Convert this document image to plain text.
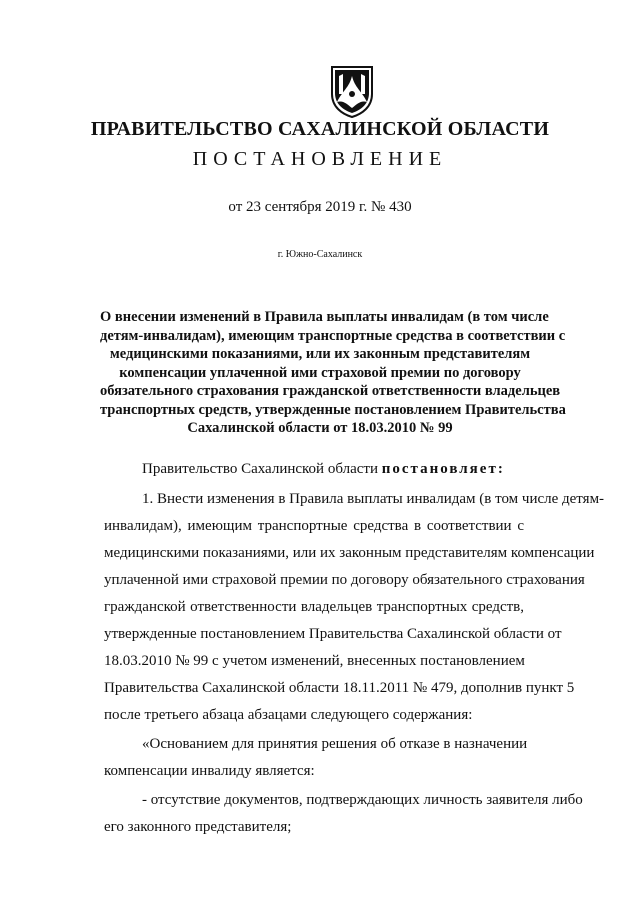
ПРАВИТЕЛЬСТВО САХАЛИНСКОЙ ОБЛАСТИ
ПОСТАНОВЛЕНИЕ
от 23 сентября 2019 г. № 430
г. Южно-Сахалинск
О внесении изменений в Правила выплаты инвалидам (в том числе
детям-инвалидам), имеющим транспортные средства в соответствии с
медицинскими показаниями, или их законным представителям
компенсации уплаченной ими страховой премии по договору
обязательного страхования гражданской ответственности владельцев
транспортных средств, утвержденные постановлением Правительства
Сахалинской области от 18.03.2010 № 99
Правительство Сахалинской области постановляет:
1. Внести изменения в Правила выплаты инвалидам (в том числе детям-
инвалидам), имеющим транспортные средства в соответствии с
медицинскими показаниями, или их законным представителям компенсации
уплаченной ими страховой премии по договору обязательного страхования
гражданской ответственности владельцев транспортных средств,
утвержденные постановлением Правительства Сахалинской области от
18.03.2010 № 99 с учетом изменений, внесенных постановлением
Правительства Сахалинской области 18.11.2011 № 479, дополнив пункт 5
после третьего абзаца абзацами следующего содержания:
«Основанием для принятия решения об отказе в назначении
компенсации инвалиду является:
- отсутствие документов, подтверждающих личность заявителя либо
его законного представителя;
